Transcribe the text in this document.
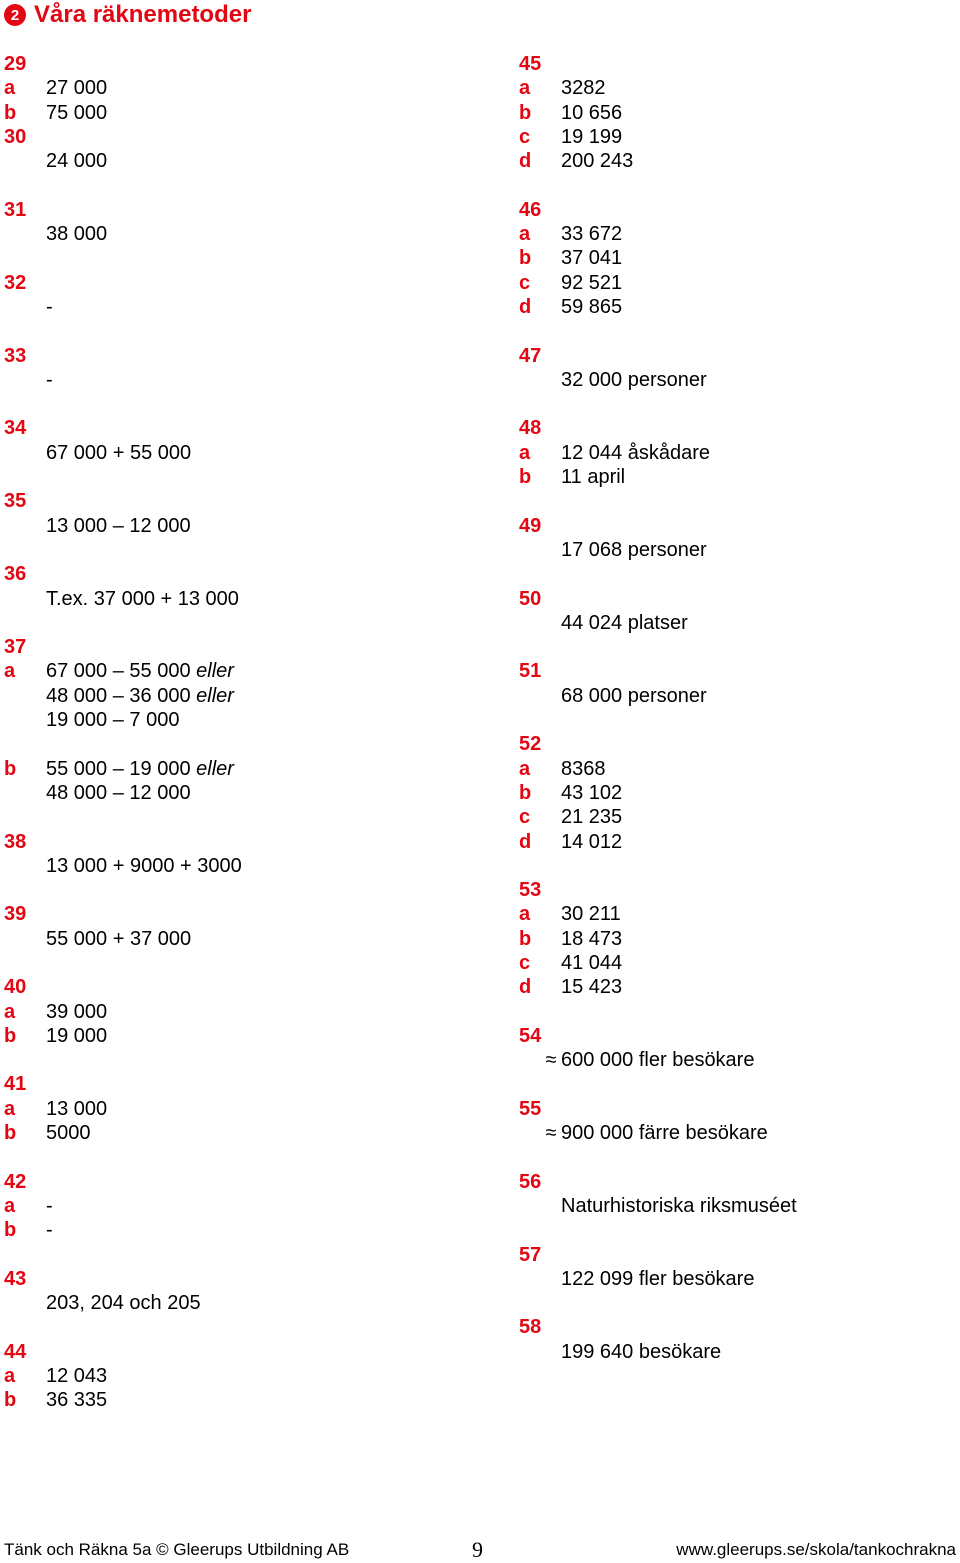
2 Våra räknemetoder
29
a 27 000
b 75 000
30
24 000
31
38 000
32
-
33
-
34
67 000 + 55 000
35
13 000 – 12 000
36
T.ex. 37 000 + 13 000
37
a 67 000 – 55 000 eller
48 000 – 36 000 eller
19 000 – 7 000
b 55 000 – 19 000 eller
48 000 – 12 000
38
13 000 + 9000 + 3000
39
55 000 + 37 000
40
a 39 000
b 19 000
41
a 13 000
b 5000
42
a -
b -
43
203, 204 och 205
44
a 12 043
b 36 335
45
a 3282
b 10 656
c 19 199
d 200 243
46
a 33 672
b 37 041
c 92 521
d 59 865
47
32 000 personer
48
a 12 044 åskådare
b 11 april
49
17 068 personer
50
44 024 platser
51
68 000 personer
52
a 8368
b 43 102
c 21 235
d 14 012
53
a 30 211
b 18 473
c 41 044
d 15 423
54
≈ 600 000 fler besökare
55
≈ 900 000 färre besökare
56
Naturhistoriska riksmuséet
57
122 099 fler besökare
58
199 640 besökare
Tänk och Räkna 5a © Gleerups Utbildning AB	9	www.gleerups.se/skola/tankochrakna
